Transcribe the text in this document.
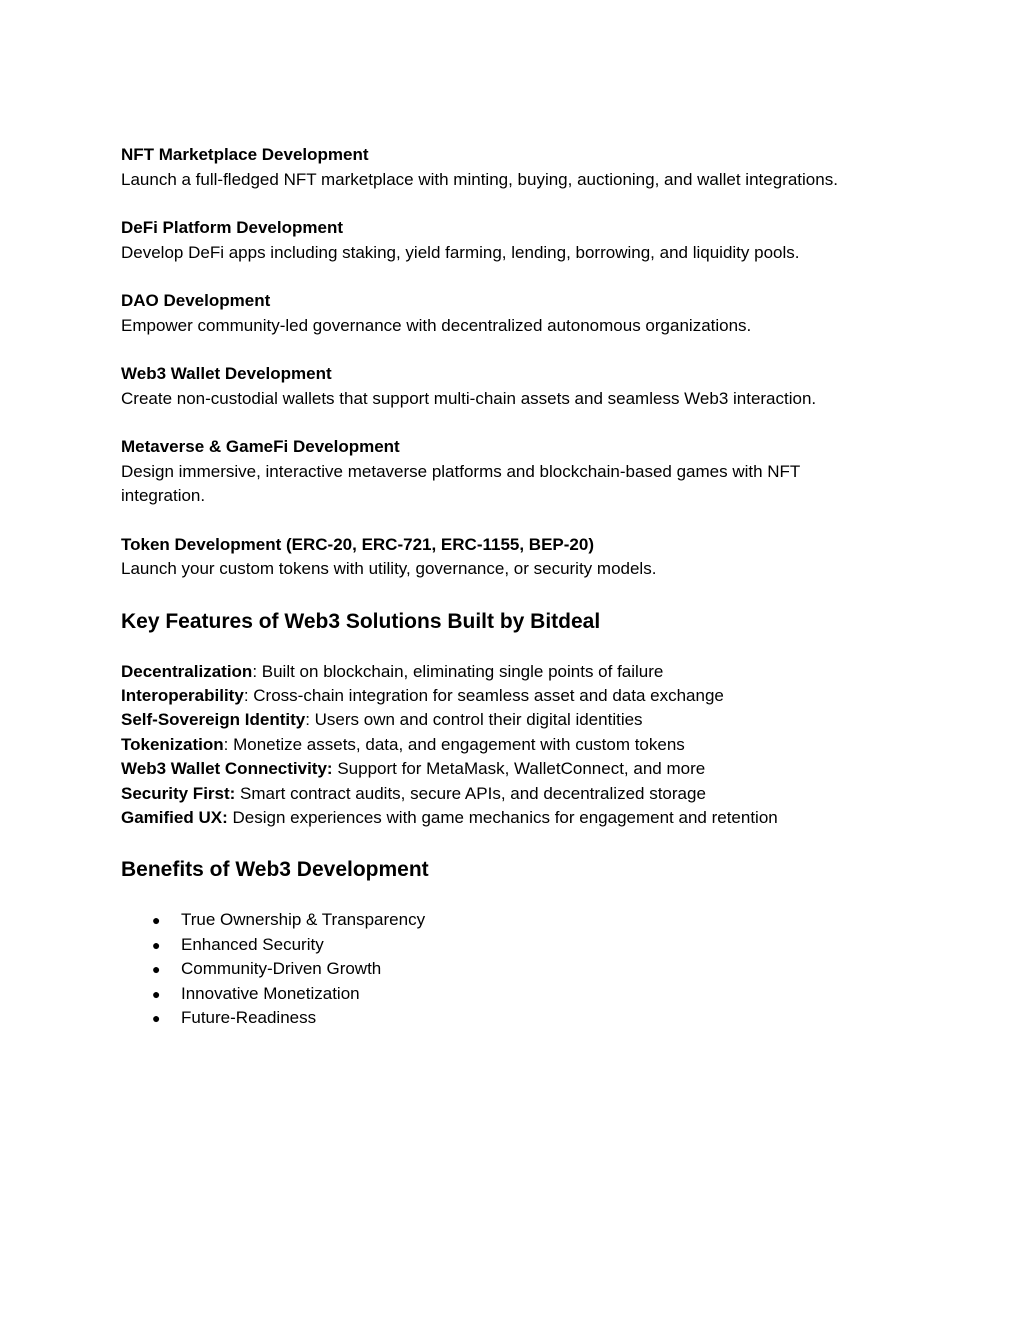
NFT Marketplace Development
Launch a full-fledged NFT marketplace with minting, buying, auctioning, and wallet integrations.
DeFi Platform Development
Develop DeFi apps including staking, yield farming, lending, borrowing, and liquidity pools.
DAO Development
Empower community-led governance with decentralized autonomous organizations.
Web3 Wallet Development
Create non-custodial wallets that support multi-chain assets and seamless Web3 interaction.
Metaverse & GameFi Development
Design immersive, interactive metaverse platforms and blockchain-based games with NFT integration.
Token Development (ERC-20, ERC-721, ERC-1155, BEP-20)
Launch your custom tokens with utility, governance, or security models.
Key Features of Web3 Solutions Built by Bitdeal
Decentralization: Built on blockchain, eliminating single points of failure
Interoperability: Cross-chain integration for seamless asset and data exchange
Self-Sovereign Identity: Users own and control their digital identities
Tokenization: Monetize assets, data, and engagement with custom tokens
Web3 Wallet Connectivity: Support for MetaMask, WalletConnect, and more
Security First: Smart contract audits, secure APIs, and decentralized storage
Gamified UX: Design experiences with game mechanics for engagement and retention
Benefits of Web3 Development
●	True Ownership & Transparency
●	Enhanced Security
●	Community-Driven Growth
●	Innovative Monetization
●	Future-Readiness
